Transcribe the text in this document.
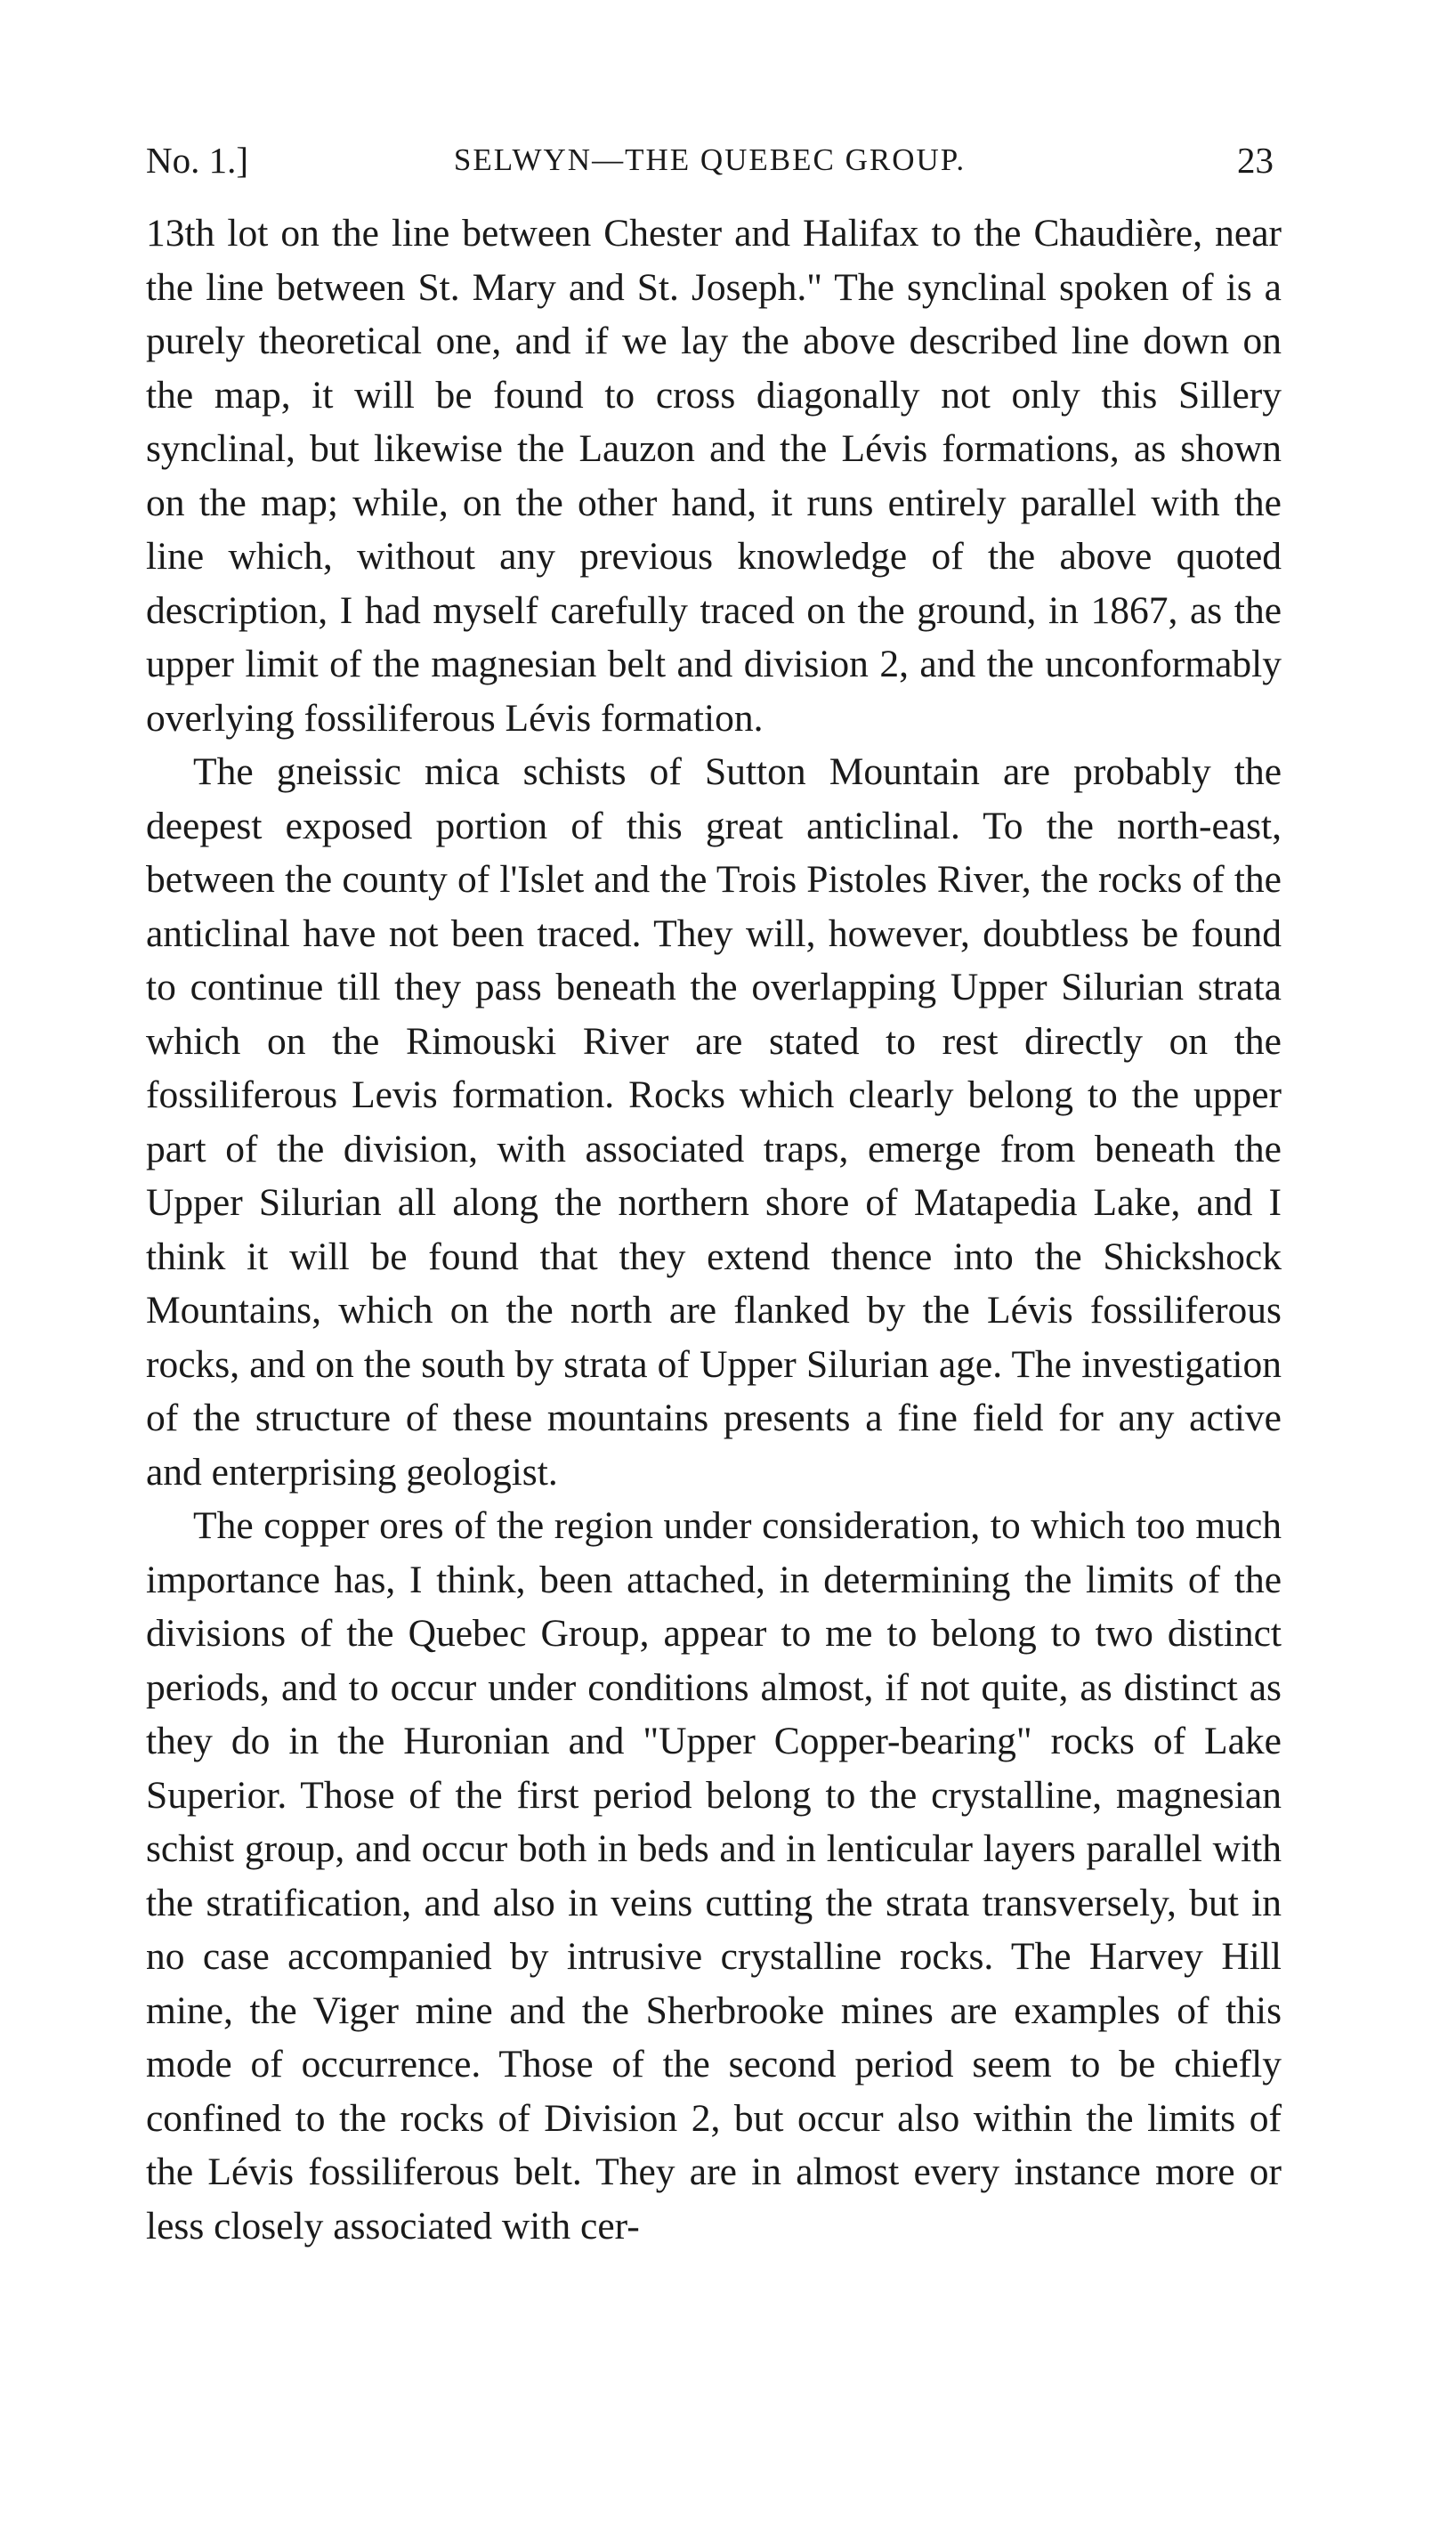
No. 1.]	SELWYN—THE QUEBEC GROUP.	23

13th lot on the line between Chester and Halifax to the Chaudière, near the line between St. Mary and St. Joseph." The synclinal spoken of is a purely theoretical one, and if we lay the above described line down on the map, it will be found to cross diagonally not only this Sillery synclinal, but likewise the Lauzon and the Lévis formations, as shown on the map; while, on the other hand, it runs entirely parallel with the line which, without any previous knowledge of the above quoted description, I had myself carefully traced on the ground, in 1867, as the upper limit of the magnesian belt and division 2, and the unconformably overlying fossiliferous Lévis formation.

The gneissic mica schists of Sutton Mountain are probably the deepest exposed portion of this great anticlinal. To the north-east, between the county of l'Islet and the Trois Pistoles River, the rocks of the anticlinal have not been traced. They will, however, doubtless be found to continue till they pass beneath the overlapping Upper Silurian strata which on the Rimouski River are stated to rest directly on the fossiliferous Levis formation. Rocks which clearly belong to the upper part of the division, with associated traps, emerge from beneath the Upper Silurian all along the northern shore of Matapedia Lake, and I think it will be found that they extend thence into the Shickshock Mountains, which on the north are flanked by the Lévis fossiliferous rocks, and on the south by strata of Upper Silurian age. The investigation of the structure of these mountains presents a fine field for any active and enterprising geologist.

The copper ores of the region under consideration, to which too much importance has, I think, been attached, in determining the limits of the divisions of the Quebec Group, appear to me to belong to two distinct periods, and to occur under conditions almost, if not quite, as distinct as they do in the Huronian and "Upper Copper-bearing" rocks of Lake Superior. Those of the first period belong to the crystalline, magnesian schist group, and occur both in beds and in lenticular layers parallel with the stratification, and also in veins cutting the strata transversely, but in no case accompanied by intrusive crystalline rocks. The Harvey Hill mine, the Viger mine and the Sherbrooke mines are examples of this mode of occurrence. Those of the second period seem to be chiefly confined to the rocks of Division 2, but occur also within the limits of the Lévis fossiliferous belt. They are in almost every instance more or less closely associated with cer-
